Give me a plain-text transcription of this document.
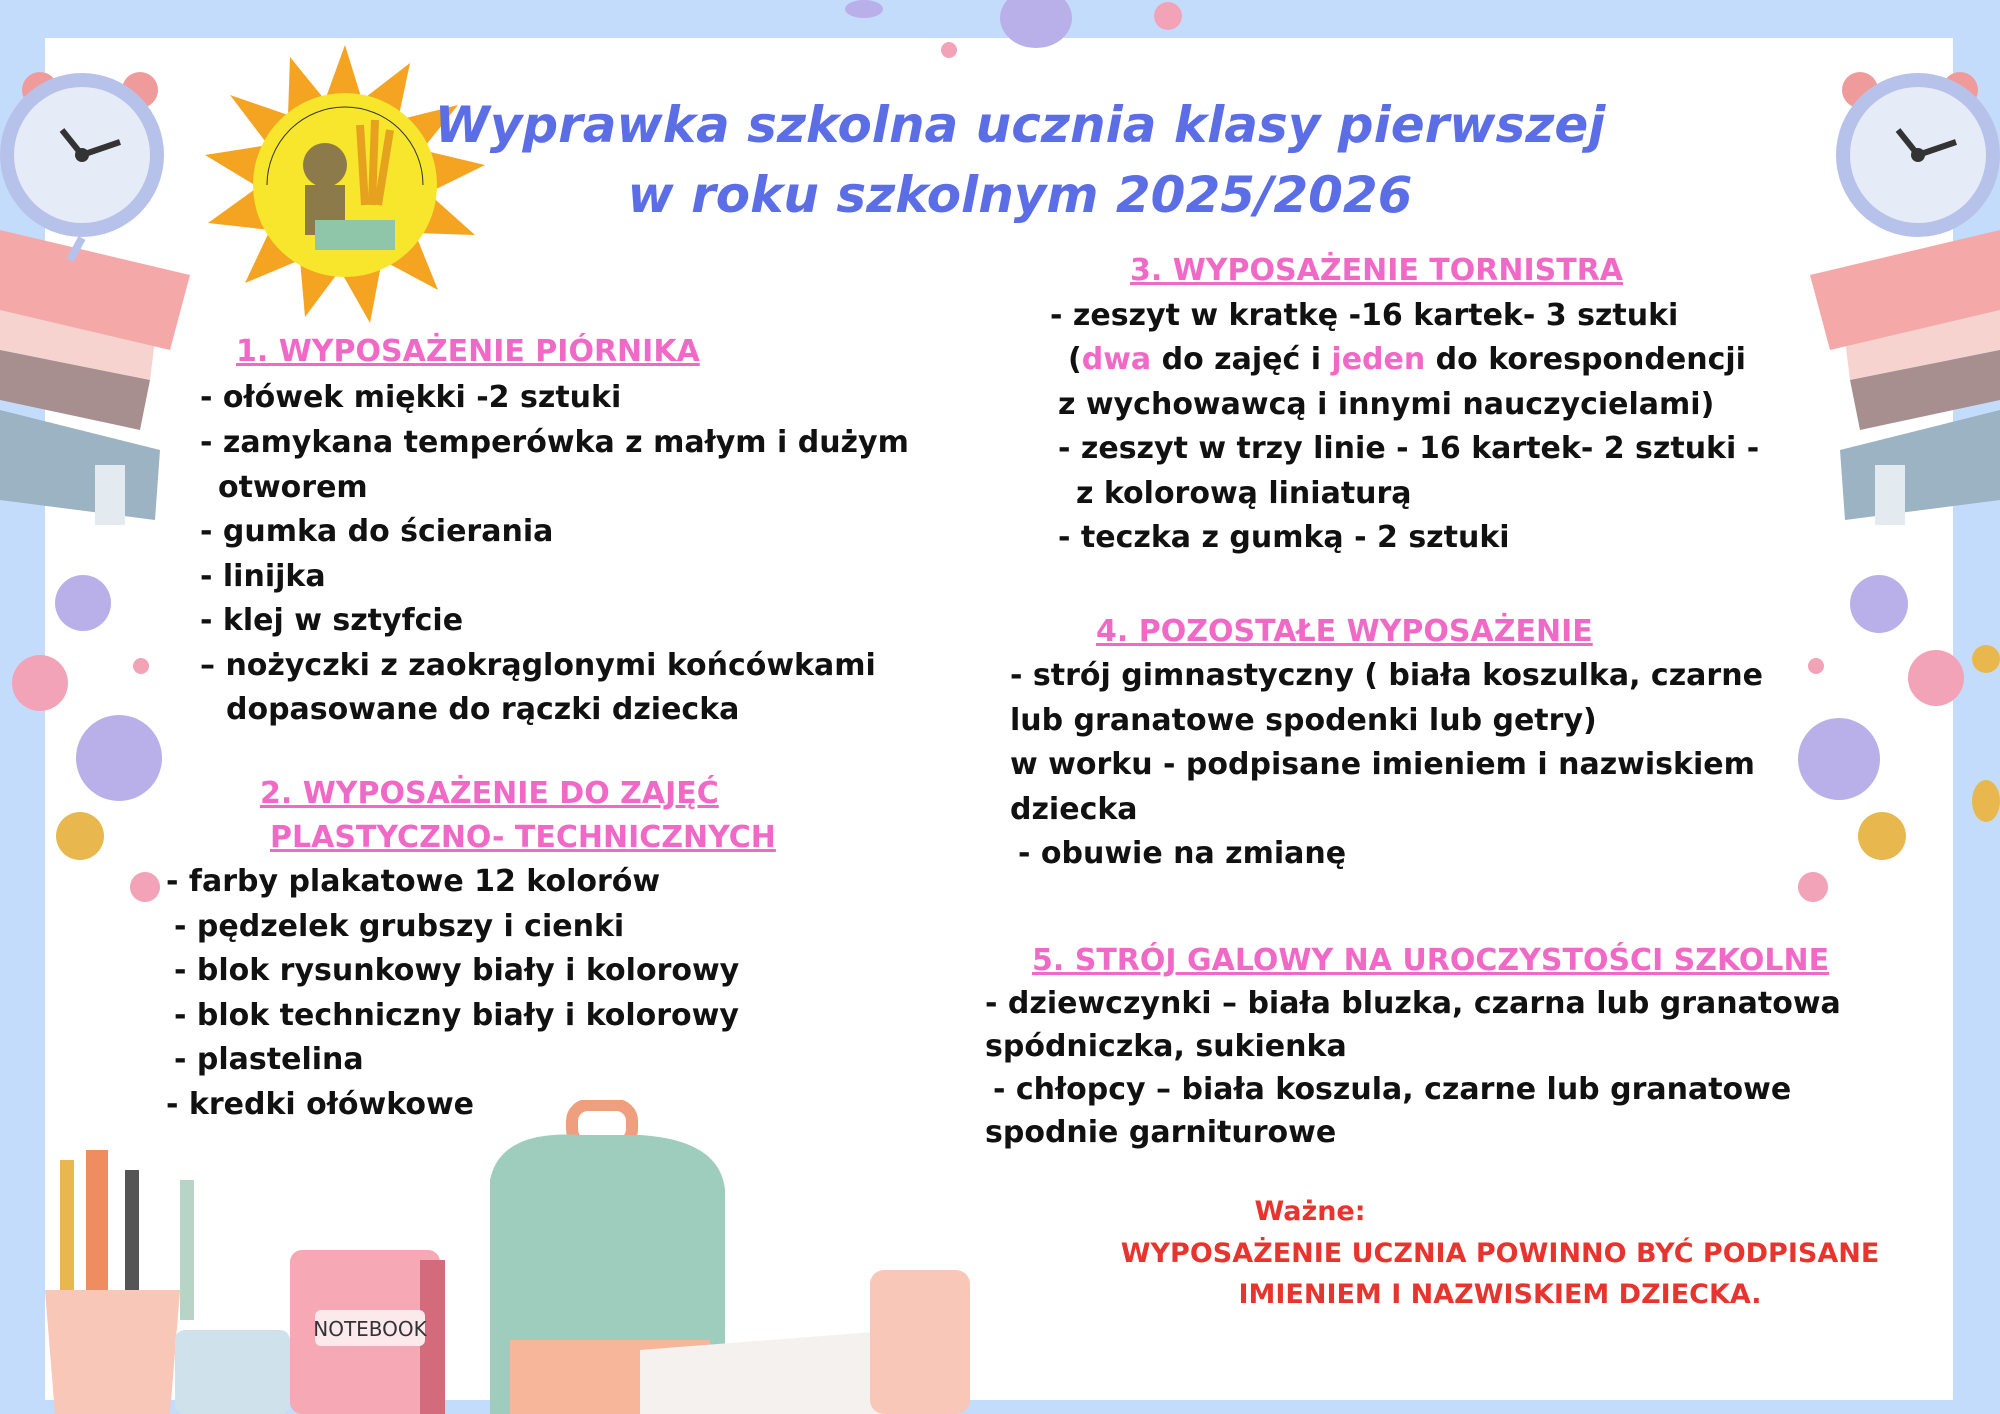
NOTEBOOK
Wyprawka szkolna ucznia klasy pierwszej
w roku szkolnym 2025/2026
1. WYPOSAŻENIE PIÓRNIKA
- ołówek miękki -2 sztuki
- zamykana temperówka z małym i dużym
otworem
- gumka do ścierania
- linijka
- klej w sztyfcie
– nożyczki z zaokrąglonymi końcówkami
dopasowane do rączki dziecka
2. WYPOSAŻENIE DO ZAJĘĆ
PLASTYCZNO- TECHNICZNYCH
- farby plakatowe 12 kolorów
- pędzelek grubszy i cienki
- blok rysunkowy biały i kolorowy
- blok techniczny biały i kolorowy
- plastelina
- kredki ołówkowe
3. WYPOSAŻENIE TORNISTRA
- zeszyt w kratkę -16 kartek- 3 sztuki
(dwa do zajęć i jeden do korespondencji
z wychowawcą i innymi nauczycielami)
- zeszyt w trzy linie - 16 kartek- 2 sztuki -
z kolorową liniaturą
- teczka z gumką - 2 sztuki
4. POZOSTAŁE WYPOSAŻENIE
- strój gimnastyczny ( biała koszulka, czarne
lub granatowe spodenki lub getry)
w worku - podpisane imieniem i nazwiskiem
dziecka
- obuwie na zmianę
5. STRÓJ GALOWY NA UROCZYSTOŚCI SZKOLNE
- dziewczynki – biała bluzka, czarna lub granatowa
spódniczka, sukienka
- chłopcy – biała koszula, czarne lub granatowe
spodnie garniturowe
Ważne:
WYPOSAŻENIE UCZNIA POWINNO BYĆ PODPISANE
IMIENIEM I NAZWISKIEM DZIECKA.
